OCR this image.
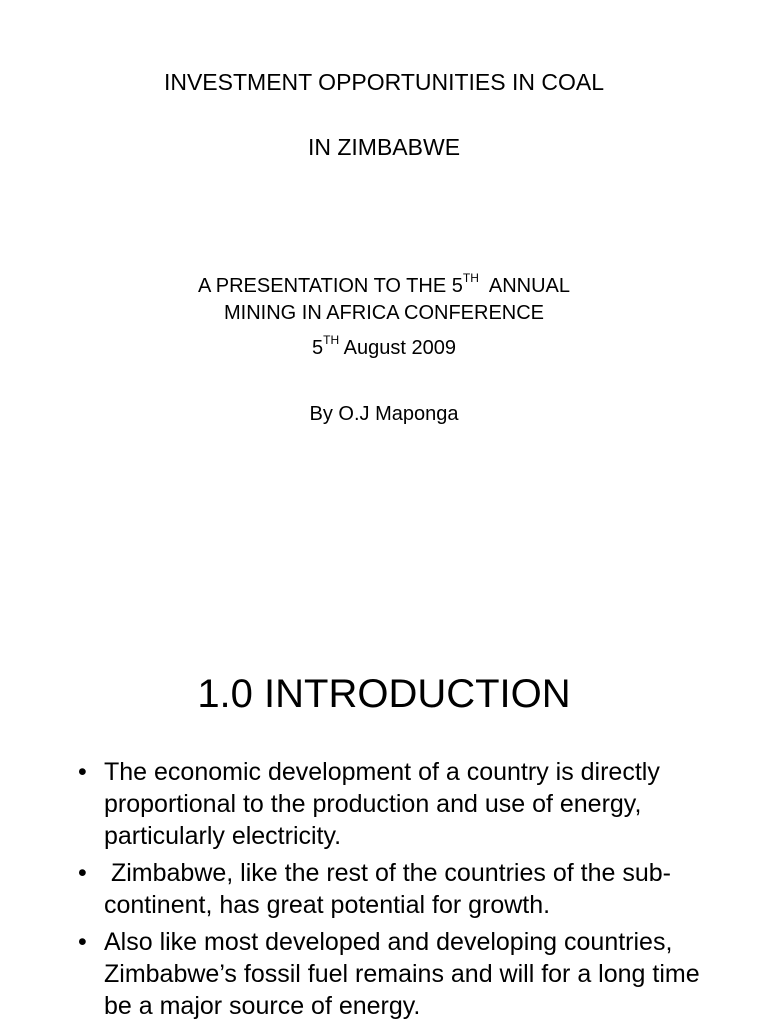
INVESTMENT OPPORTUNITIES IN COAL
IN ZIMBABWE
A PRESENTATION TO THE 5TH  ANNUAL
MINING IN AFRICA CONFERENCE
5TH August 2009
By O.J Maponga
1.0 INTRODUCTION
• The economic development of a country is directly proportional to the production and use of energy, particularly electricity.
• Zimbabwe, like the rest of the countries of the sub-continent, has great potential for growth.
• Also like most developed and developing countries, Zimbabwe’s fossil fuel remains and will for a long time be a major source of energy.
